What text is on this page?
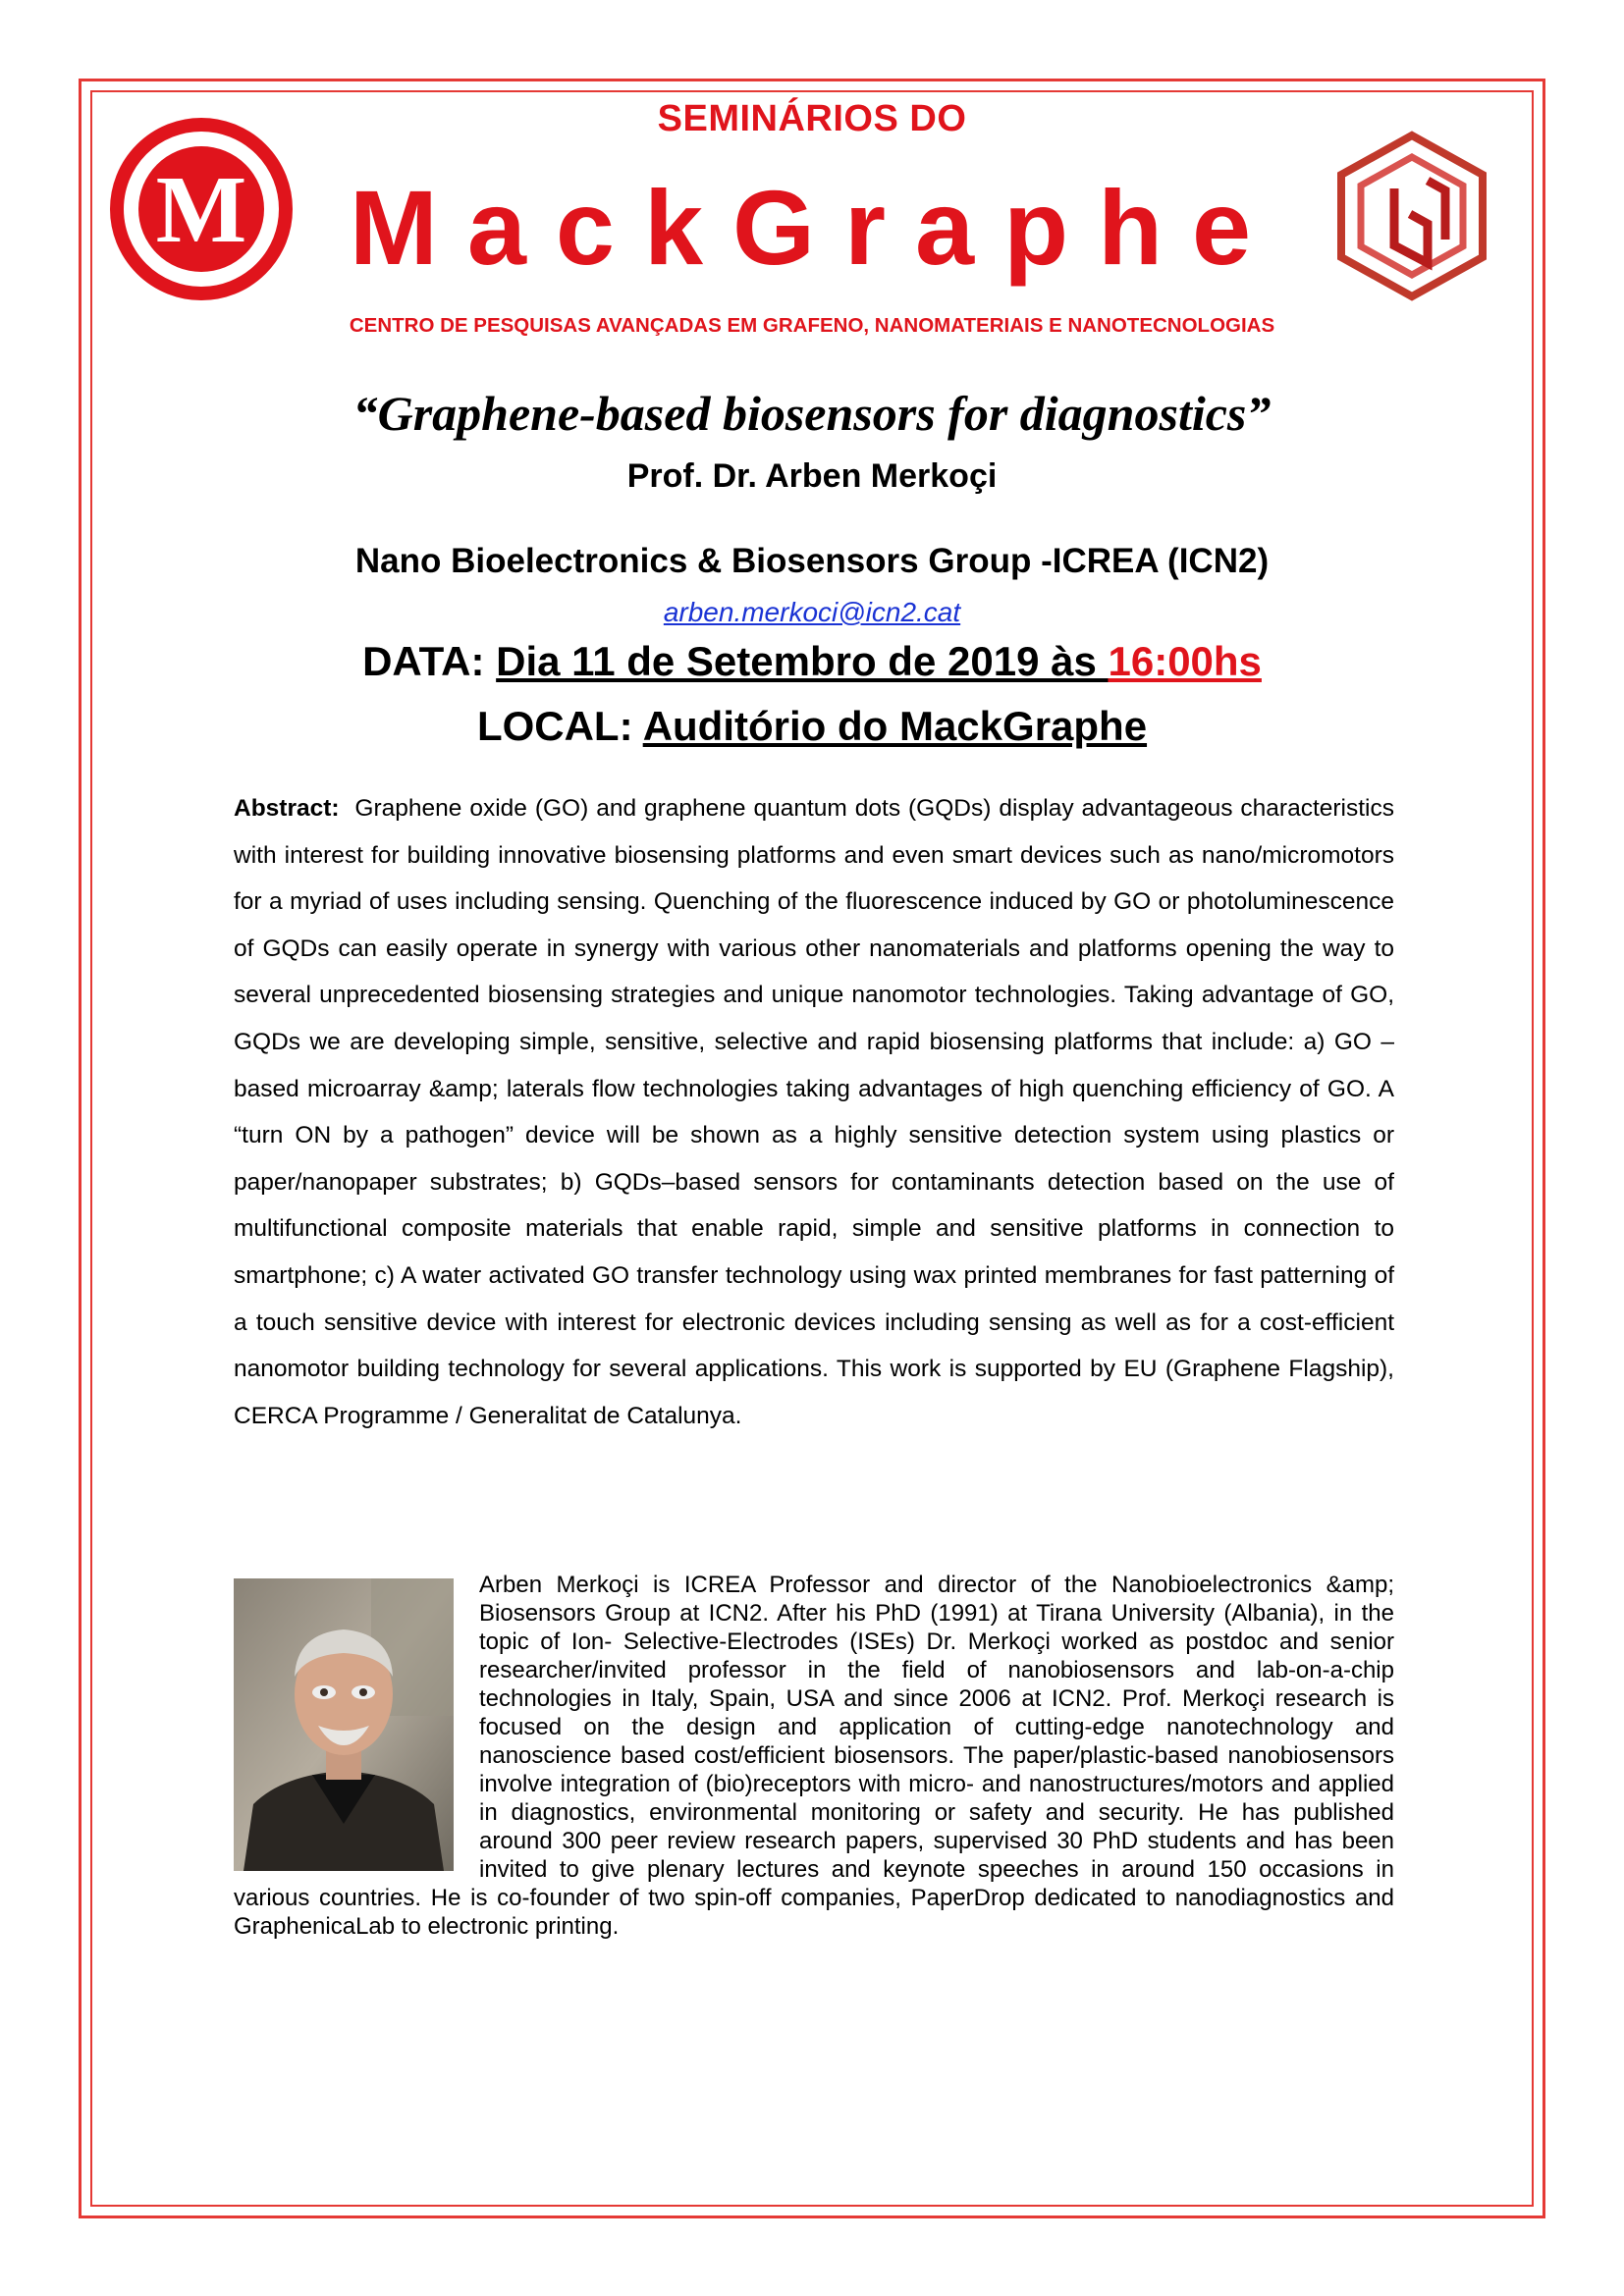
M
SEMINÁRIOS DO
MackGraphe
CENTRO DE PESQUISAS AVANÇADAS EM GRAFENO, NANOMATERIAIS E NANOTECNOLOGIAS
“Graphene-based biosensors for diagnostics”
Prof. Dr. Arben Merkoçi
Nano Bioelectronics & Biosensors Group -ICREA (ICN2)
arben.merkoci@icn2.cat
DATA: Dia 11 de Setembro de 2019 às 16:00hs
LOCAL: Auditório do MackGraphe
Abstract: Graphene oxide (GO) and graphene quantum dots (GQDs) display advantageous characteristics with interest for building innovative biosensing platforms and even smart devices such as nano/micromotors for a myriad of uses including sensing. Quenching of the fluorescence induced by GO or photoluminescence of GQDs can easily operate in synergy with various other nanomaterials and platforms opening the way to several unprecedented biosensing strategies and unique nanomotor technologies. Taking advantage of GO, GQDs we are developing simple, sensitive, selective and rapid biosensing platforms that include: a) GO –based microarray &amp; laterals flow technologies taking advantages of high quenching efficiency of GO. A “turn ON by a pathogen” device will be shown as a highly sensitive detection system using plastics or paper/nanopaper substrates; b) GQDs–based sensors for contaminants detection based on the use of multifunctional composite materials that enable rapid, simple and sensitive platforms in connection to smartphone; c) A water activated GO transfer technology using wax printed membranes for fast patterning of a touch sensitive device with interest for electronic devices including sensing as well as for a cost-efficient nanomotor building technology for several applications. This work is supported by EU (Graphene Flagship), CERCA Programme / Generalitat de Catalunya.
Arben Merkoçi is ICREA Professor and director of the Nanobioelectronics &amp; Biosensors Group at ICN2. After his PhD (1991) at Tirana University (Albania), in the topic of Ion- Selective-Electrodes (ISEs) Dr. Merkoçi worked as postdoc and senior researcher/invited professor in the field of nanobiosensors and lab-on-a-chip technologies in Italy, Spain, USA and since 2006 at ICN2. Prof. Merkoçi research is focused on the design and application of cutting-edge nanotechnology and nanoscience based cost/efficient biosensors. The paper/plastic-based nanobiosensors involve integration of (bio)receptors with micro- and nanostructures/motors and applied in diagnostics, environmental monitoring or safety and security. He has published around 300 peer review research papers, supervised 30 PhD students and has been invited to give plenary lectures and keynote speeches in around 150 occasions in various countries. He is co-founder of two spin-off companies, PaperDrop dedicated to nanodiagnostics and GraphenicaLab to electronic printing.
